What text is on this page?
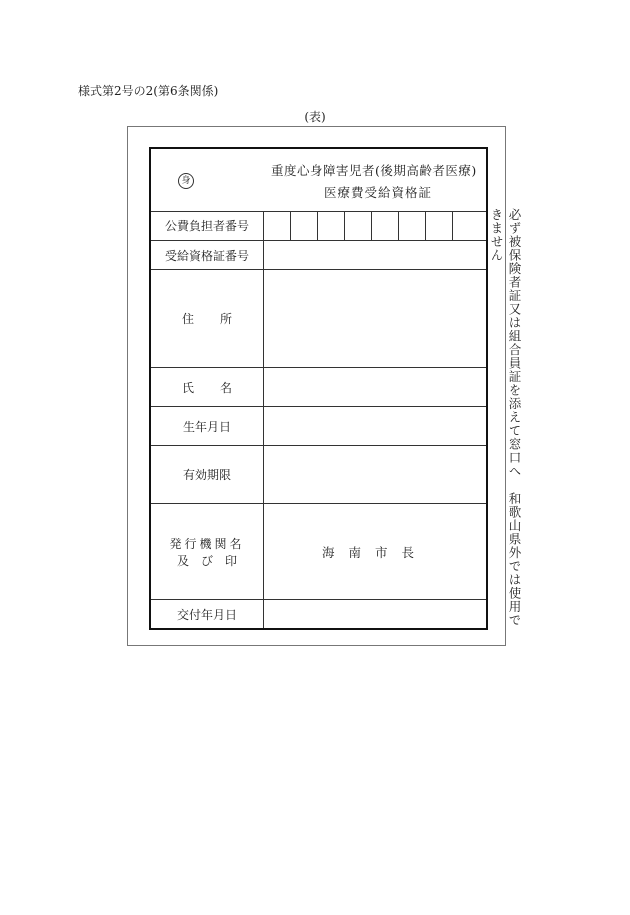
様式第2号の2(第6条関係)
(表)
身
重度心身障害児者(後期高齢者医療)
医療費受給資格証
公費負担者番号
受給資格証番号
住所
氏名
生年月日
有効期限
発行機関名
及び印
海南市長
交付年月日
必ず被保険者証又は組合員証を添えて窓口へ和歌山県外では使用できません
